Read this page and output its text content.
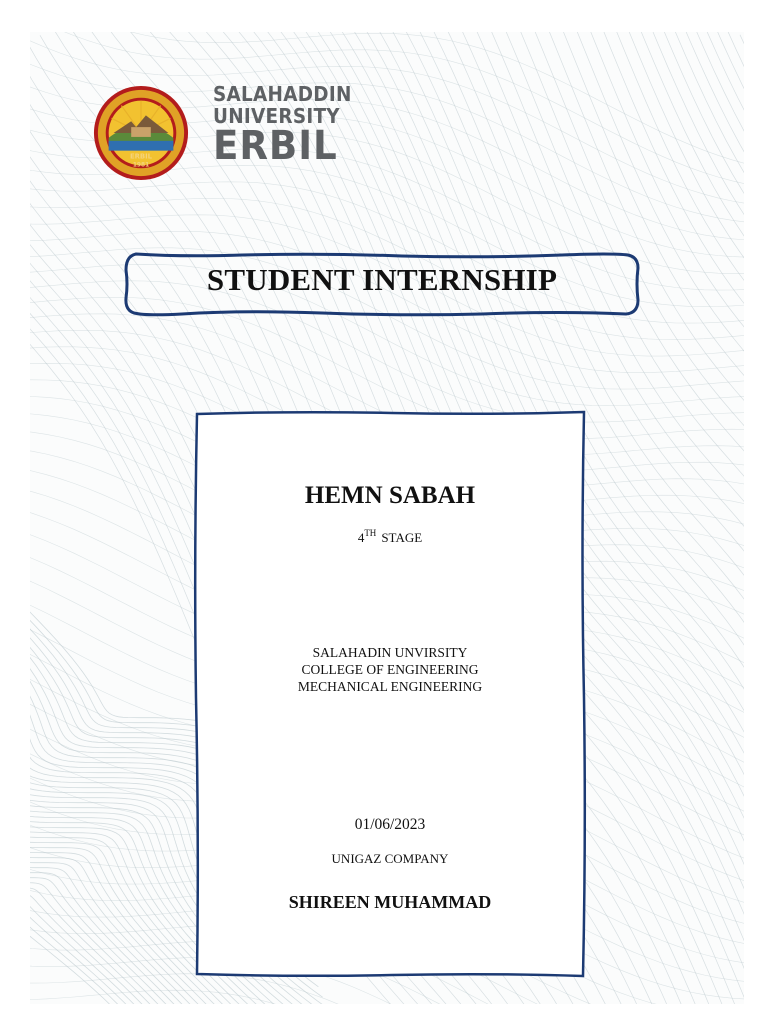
ERBIL
1981
SALAHADDIN
UNIVERSITY
ERBIL
STUDENT INTERNSHIP
HEMN SABAH
4TH STAGE
SALAHADIN UNVIRSITY
COLLEGE OF ENGINEERING
MECHANICAL ENGINEERING
01/06/2023
UNIGAZ COMPANY
SHIREEN MUHAMMAD
